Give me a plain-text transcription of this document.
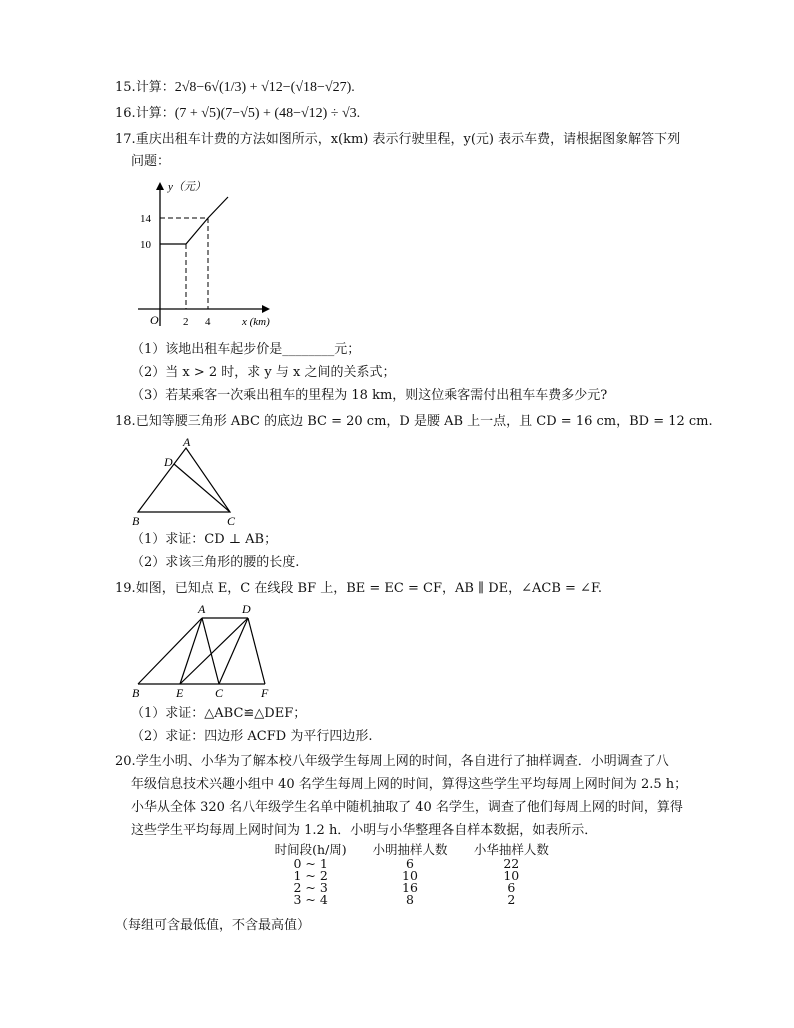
15.计算：2√8−6√(1/3) + √12−(√18−√27).
16.计算：(7 + √5)(7−√5) + (48−√12) ÷ √3.
17.重庆出租车计费的方法如图所示，x(km) 表示行驶里程，y(元) 表示车费，请根据图象解答下列
问题：
y（元）
14
10
O 2 4	x (km)
（1）该地出租车起步价是________元；
（2）当 x > 2 时，求 y 与 x 之间的关系式；
（3）若某乘客一次乘出租车的里程为 18 km，则这位乘客需付出租车车费多少元?
18.已知等腰三角形 ABC 的底边 BC = 20 cm，D 是腰 AB 上一点，且 CD = 16 cm，BD = 12 cm.
A
D
B	C
（1）求证：CD ⊥ AB；
（2）求该三角形的腰的长度.
19.如图，已知点 E，C 在线段 BF 上，BE = EC = CF，AB ∥ DE，∠ACB = ∠F.
A	D
B	E	C	F
（1）求证：△ABC≌△DEF；
（2）求证：四边形 ACFD 为平行四边形.
20.学生小明、小华为了解本校八年级学生每周上网的时间，各自进行了抽样调查．小明调查了八
年级信息技术兴趣小组中 40 名学生每周上网的时间，算得这些学生平均每周上网时间为 2.5 h；
小华从全体 320 名八年级学生名单中随机抽取了 40 名学生，调查了他们每周上网的时间，算得
这些学生平均每周上网时间为 1.2 h．小明与小华整理各自样本数据，如表所示．
时间段(h/周)	小明抽样人数	小华抽样人数
0 ~ 1	6	22
1 ~ 2	10	10
2 ~ 3	16	6
3 ~ 4	8	2
（每组可含最低值，不含最高值）
